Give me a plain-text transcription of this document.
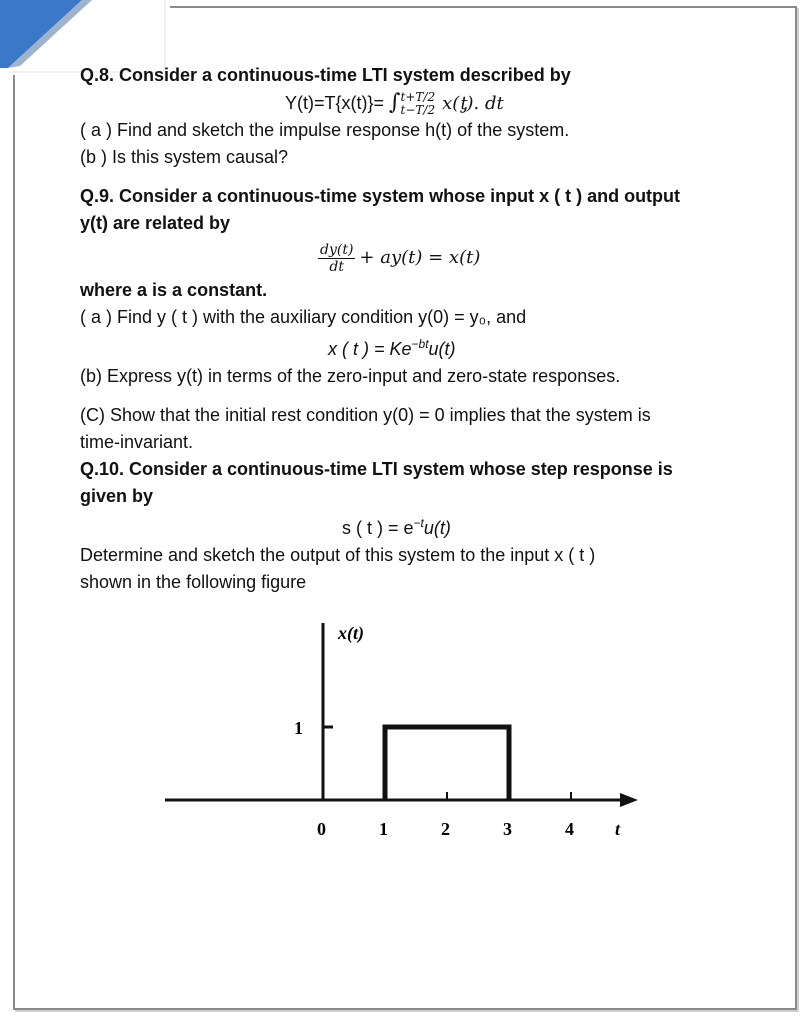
Q.8. Consider a continuous-time LTI system described by
Y(t)=T{x(t)}= ∫ t+T/2
t−T/2 x(ƫ). dt
( a ) Find and sketch the impulse response h(t) of the system.
(b ) Is this system causal?
Q.9. Consider a continuous-time system whose input x ( t ) and output
y(t) are related by
$\frac{dy(t)}{dt} + ay(t) = x(t)$
where a is a constant.
( a ) Find y ( t ) with the auxiliary condition y(0) = y₀, and
x ( t ) = $Ke^{-bt}u(t)$
(b) Express y(t) in terms of the zero-input and zero-state responses.
(C) Show that the initial rest condition y(0) = 0 implies that the system is
time-invariant.
Q.10. Consider a continuous-time LTI system whose step response is
given by
s ( t ) = $e^{-t}u(t)$
Determine and sketch the output of this system to the input x ( t )
shown in the following figure
1
x(t)
t
0	1	2	3	4
